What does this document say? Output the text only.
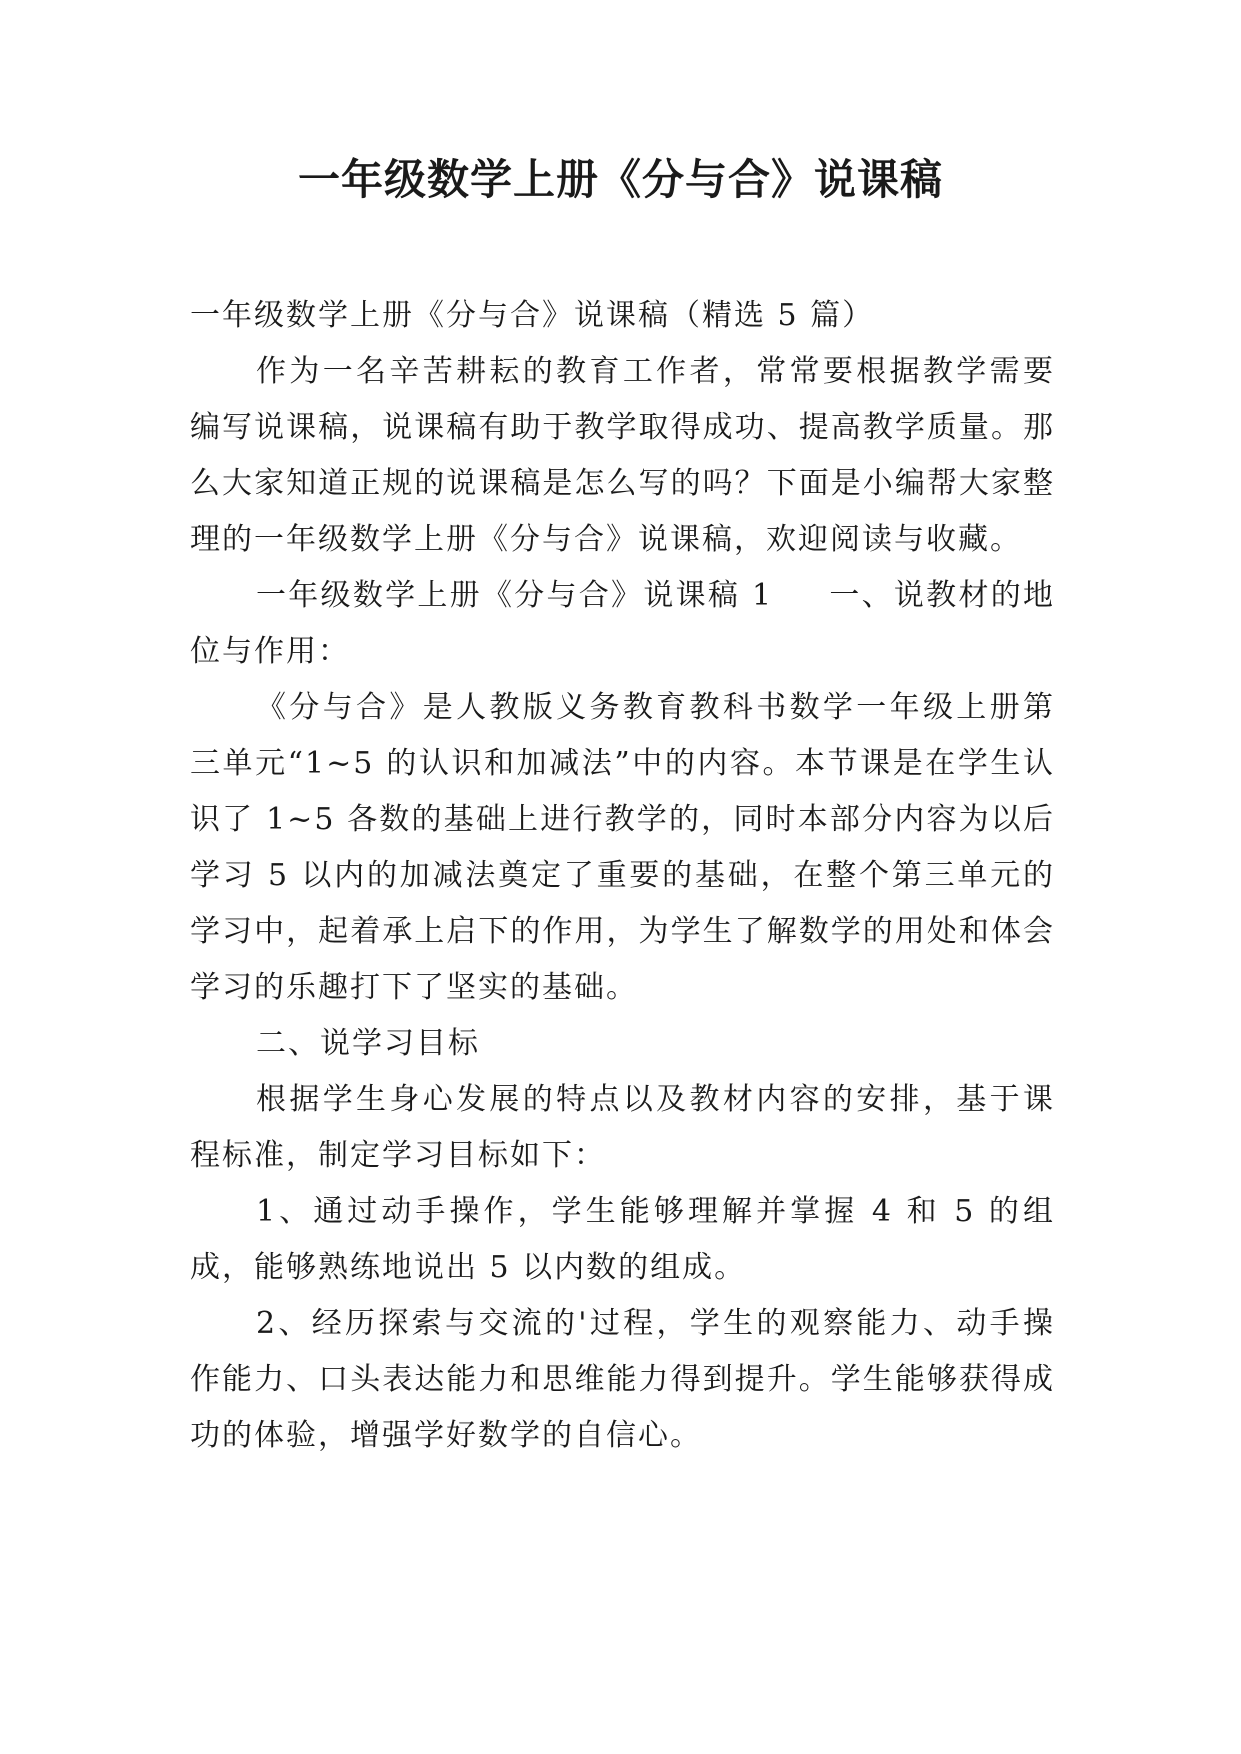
一年级数学上册《分与合》说课稿

一年级数学上册《分与合》说课稿（精选 5 篇）

作为一名辛苦耕耘的教育工作者，常常要根据教学需要编写说课稿，说课稿有助于教学取得成功、提高教学质量。那么大家知道正规的说课稿是怎么写的吗？下面是小编帮大家整理的一年级数学上册《分与合》说课稿，欢迎阅读与收藏。

一年级数学上册《分与合》说课稿 1 一、说教材的地位与作用：

《分与合》是人教版义务教育教科书数学一年级上册第三单元“1~5 的认识和加减法”中的内容。本节课是在学生认识了 1~5 各数的基础上进行教学的，同时本部分内容为以后学习 5 以内的加减法奠定了重要的基础，在整个第三单元的学习中，起着承上启下的作用，为学生了解数学的用处和体会学习的乐趣打下了坚实的基础。

二、说学习目标

根据学生身心发展的特点以及教材内容的安排，基于课程标准，制定学习目标如下：

1、通过动手操作，学生能够理解并掌握 4 和 5 的组成，能够熟练地说出 5 以内数的组成。

2、经历探索与交流的'过程，学生的观察能力、动手操作能力、口头表达能力和思维能力得到提升。学生能够获得成功的体验，增强学好数学的自信心。
